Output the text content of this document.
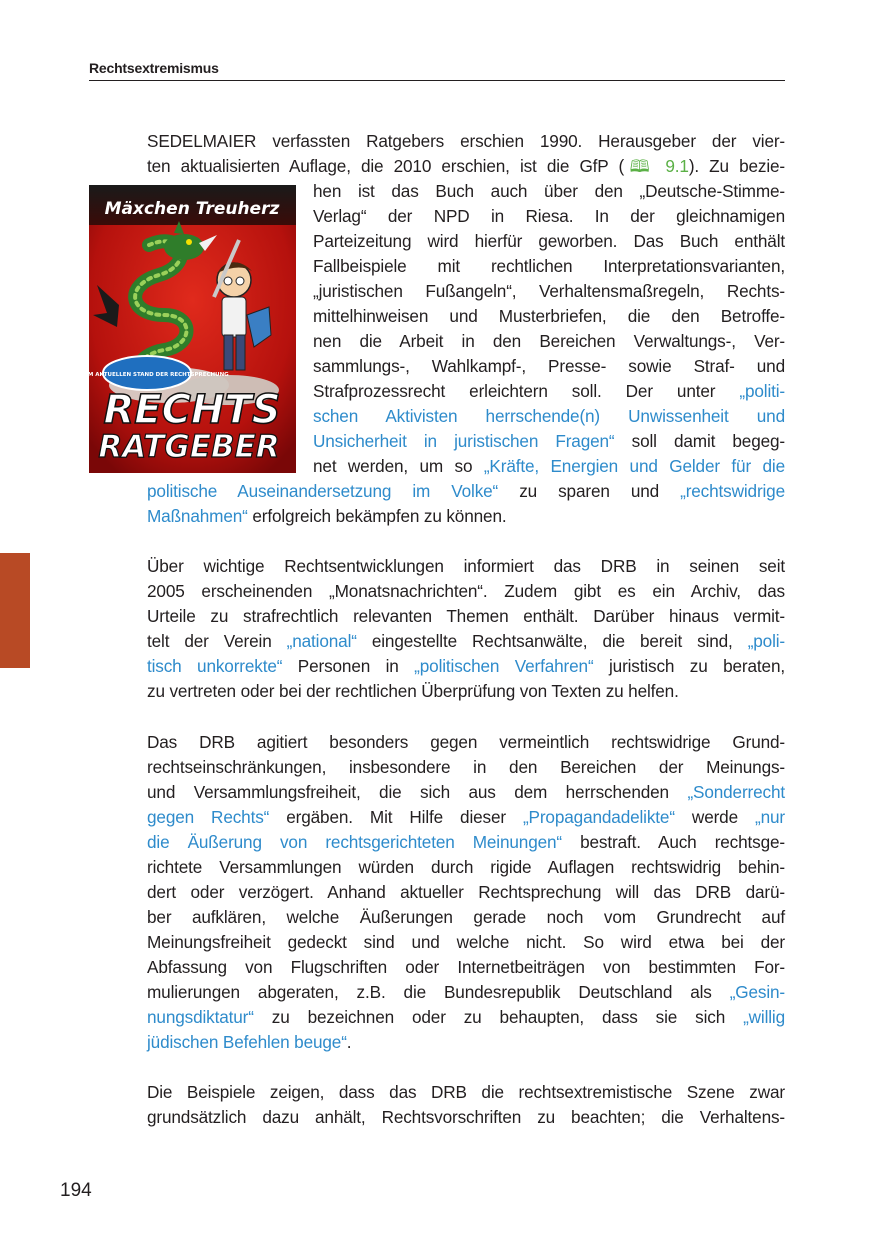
Rechtsextremismus
Mäxchen Treuherz
AUF DEM AKTUELLEN STAND DER RECHTSPRECHUNG
RECHTS
RATGEBER
SEDELMAIER verfassten Ratgebers erschien 1990. Herausgeber der vier-
ten aktualisierten Auflage, die 2010 erschien, ist die GfP (🕮 9.1). Zu bezie-
hen ist das Buch auch über den „Deutsche-Stimme-
Verlag“ der NPD in Riesa. In der gleichnamigen
Parteizeitung wird hierfür geworben. Das Buch enthält
Fallbeispiele mit rechtlichen Interpretationsvarianten,
„juristischen Fußangeln“, Verhaltensmaßregeln, Rechts-
mittelhinweisen und Musterbriefen, die den Betroffe-
nen die Arbeit in den Bereichen Verwaltungs-, Ver-
sammlungs-, Wahlkampf-, Presse- sowie Straf- und
Strafprozessrecht erleichtern soll. Der unter „politi-
schen Aktivisten herrschende(n) Unwissenheit und
Unsicherheit in juristischen Fragen“ soll damit begeg-
net werden, um so „Kräfte, Energien und Gelder für die
politische Auseinandersetzung im Volke“ zu sparen und „rechtswidrige
Maßnahmen“ erfolgreich bekämpfen zu können.
Über wichtige Rechtsentwicklungen informiert das DRB in seinen seit
2005 erscheinenden „Monatsnachrichten“. Zudem gibt es ein Archiv, das
Urteile zu strafrechtlich relevanten Themen enthält. Darüber hinaus vermit-
telt der Verein „national“ eingestellte Rechtsanwälte, die bereit sind, „poli-
tisch unkorrekte“ Personen in „politischen Verfahren“ juristisch zu beraten,
zu vertreten oder bei der rechtlichen Überprüfung von Texten zu helfen.
Das DRB agitiert besonders gegen vermeintlich rechtswidrige Grund-
rechtseinschränkungen, insbesondere in den Bereichen der Meinungs-
und Versammlungsfreiheit, die sich aus dem herrschenden „Sonderrecht
gegen Rechts“ ergäben. Mit Hilfe dieser „Propagandadelikte“ werde „nur
die Äußerung von rechtsgerichteten Meinungen“ bestraft. Auch rechtsge-
richtete Versammlungen würden durch rigide Auflagen rechtswidrig behin-
dert oder verzögert. Anhand aktueller Rechtsprechung will das DRB darü-
ber aufklären, welche Äußerungen gerade noch vom Grundrecht auf
Meinungsfreiheit gedeckt sind und welche nicht. So wird etwa bei der
Abfassung von Flugschriften oder Internetbeiträgen von bestimmten For-
mulierungen abgeraten, z.B. die Bundesrepublik Deutschland als „Gesin-
nungsdiktatur“ zu bezeichnen oder zu behaupten, dass sie sich „willig
jüdischen Befehlen beuge“.
Die Beispiele zeigen, dass das DRB die rechtsextremistische Szene zwar
grundsätzlich dazu anhält, Rechtsvorschriften zu beachten; die Verhaltens-
194
